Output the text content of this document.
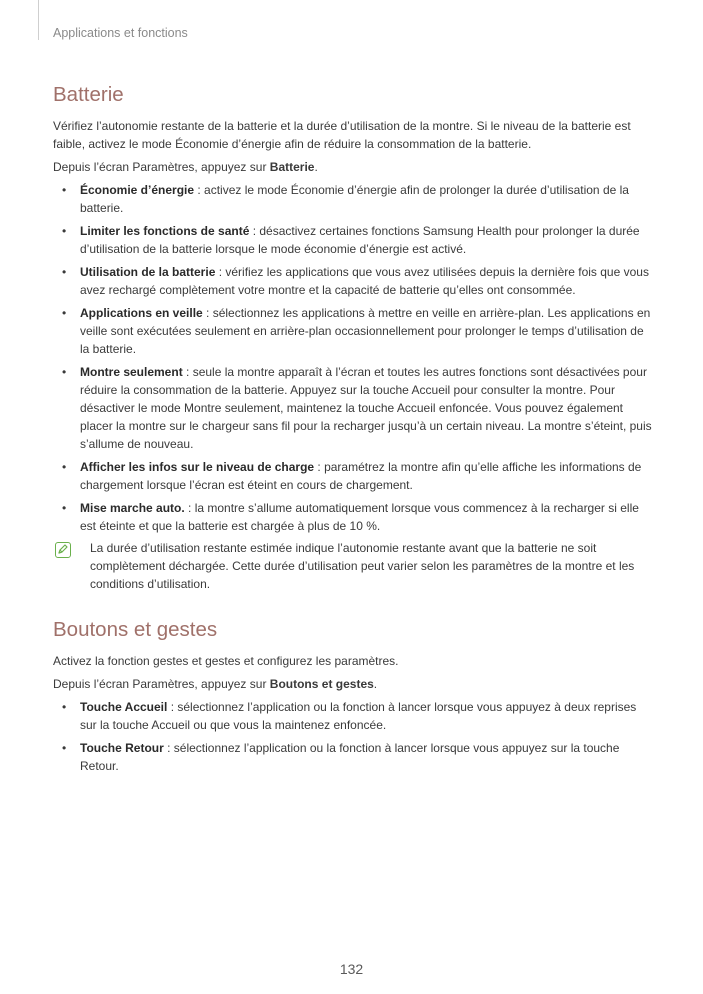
Applications et fonctions
Batterie

Vérifiez l’autonomie restante de la batterie et la durée d’utilisation de la montre. Si le niveau de la batterie est faible, activez le mode Économie d’énergie afin de réduire la consommation de la batterie.

Depuis l’écran Paramètres, appuyez sur Batterie.

• Économie d’énergie : activez le mode Économie d’énergie afin de prolonger la durée d’utilisation de la batterie.
• Limiter les fonctions de santé : désactivez certaines fonctions Samsung Health pour prolonger la durée d’utilisation de la batterie lorsque le mode économie d’énergie est activé.
• Utilisation de la batterie : vérifiez les applications que vous avez utilisées depuis la dernière fois que vous avez rechargé complètement votre montre et la capacité de batterie qu’elles ont consommée.
• Applications en veille : sélectionnez les applications à mettre en veille en arrière-plan. Les applications en veille sont exécutées seulement en arrière-plan occasionnellement pour prolonger le temps d’utilisation de la batterie.
• Montre seulement : seule la montre apparaît à l’écran et toutes les autres fonctions sont désactivées pour réduire la consommation de la batterie. Appuyez sur la touche Accueil pour consulter la montre. Pour désactiver le mode Montre seulement, maintenez la touche Accueil enfoncée. Vous pouvez également placer la montre sur le chargeur sans fil pour la recharger jusqu’à un certain niveau. La montre s’éteint, puis s’allume de nouveau.
• Afficher les infos sur le niveau de charge : paramétrez la montre afin qu’elle affiche les informations de chargement lorsque l’écran est éteint en cours de chargement.
• Mise marche auto. : la montre s’allume automatiquement lorsque vous commencez à la recharger si elle est éteinte et que la batterie est chargée à plus de 10 %.
La durée d’utilisation restante estimée indique l’autonomie restante avant que la batterie ne soit complètement déchargée. Cette durée d’utilisation peut varier selon les paramètres de la montre et les conditions d’utilisation.
Boutons et gestes

Activez la fonction gestes et gestes et configurez les paramètres.

Depuis l’écran Paramètres, appuyez sur Boutons et gestes.

• Touche Accueil : sélectionnez l’application ou la fonction à lancer lorsque vous appuyez à deux reprises sur la touche Accueil ou que vous la maintenez enfoncée.
• Touche Retour : sélectionnez l’application ou la fonction à lancer lorsque vous appuyez sur la touche Retour.
132
